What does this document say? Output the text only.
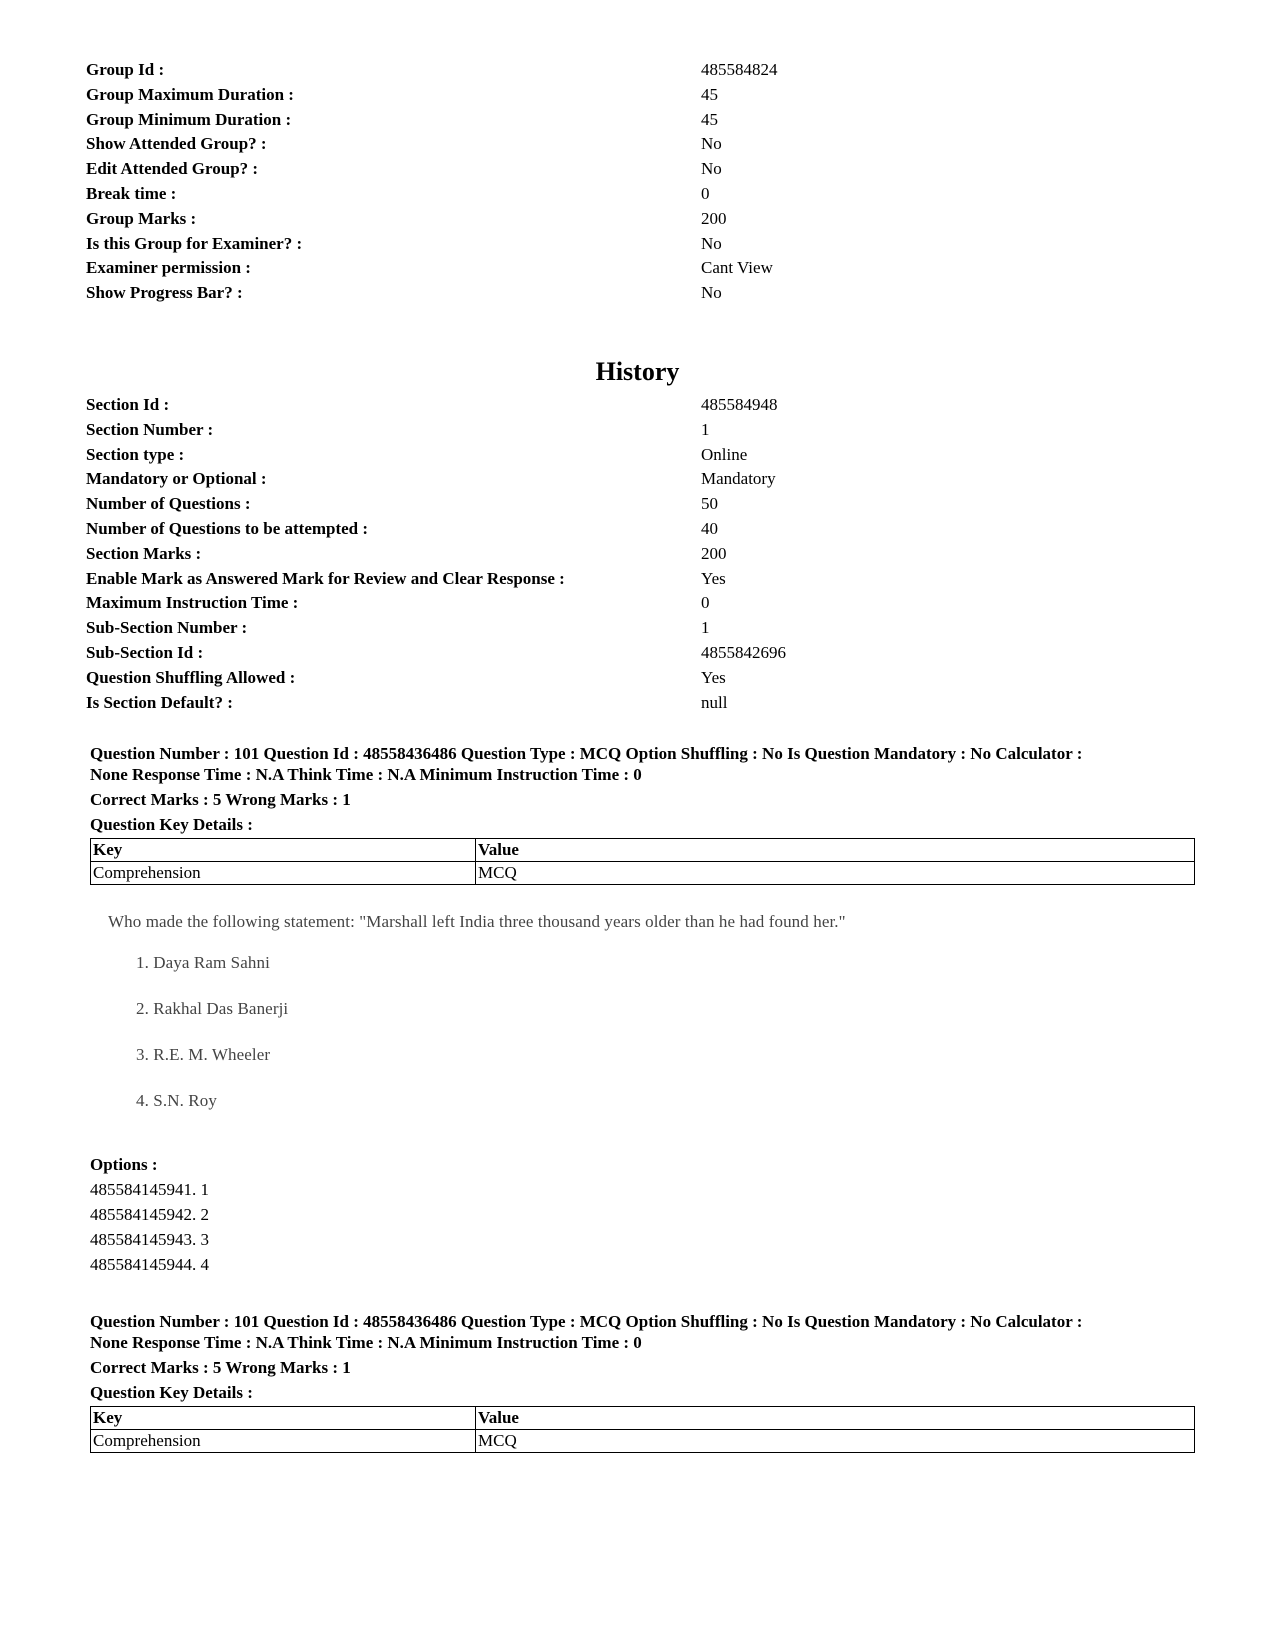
Group Id :	485584824
Group Maximum Duration :	45
Group Minimum Duration :	45
Show Attended Group? :	No
Edit Attended Group? :	No
Break time :	0
Group Marks :	200
Is this Group for Examiner? :	No
Examiner permission :	Cant View
Show Progress Bar? :	No
History
Section Id :	485584948
Section Number :	1
Section type :	Online
Mandatory or Optional :	Mandatory
Number of Questions :	50
Number of Questions to be attempted :	40
Section Marks :	200
Enable Mark as Answered Mark for Review and Clear Response :	Yes
Maximum Instruction Time :	0
Sub-Section Number :	1
Sub-Section Id :	4855842696
Question Shuffling Allowed :	Yes
Is Section Default? :	null
Question Number : 101 Question Id : 48558436486 Question Type : MCQ Option Shuffling : No Is Question Mandatory : No Calculator :
None Response Time : N.A Think Time : N.A Minimum Instruction Time : 0
Correct Marks : 5 Wrong Marks : 1
Question Key Details :
Key	Value
Comprehension	MCQ
Who made the following statement: "Marshall left India three thousand years older than he had found her."
1. Daya Ram Sahni
2. Rakhal Das Banerji
3. R.E. M. Wheeler
4. S.N. Roy
Options :
485584145941. 1
485584145942. 2
485584145943. 3
485584145944. 4
Question Number : 101 Question Id : 48558436486 Question Type : MCQ Option Shuffling : No Is Question Mandatory : No Calculator :
None Response Time : N.A Think Time : N.A Minimum Instruction Time : 0
Correct Marks : 5 Wrong Marks : 1
Question Key Details :
Key	Value
Comprehension	MCQ
